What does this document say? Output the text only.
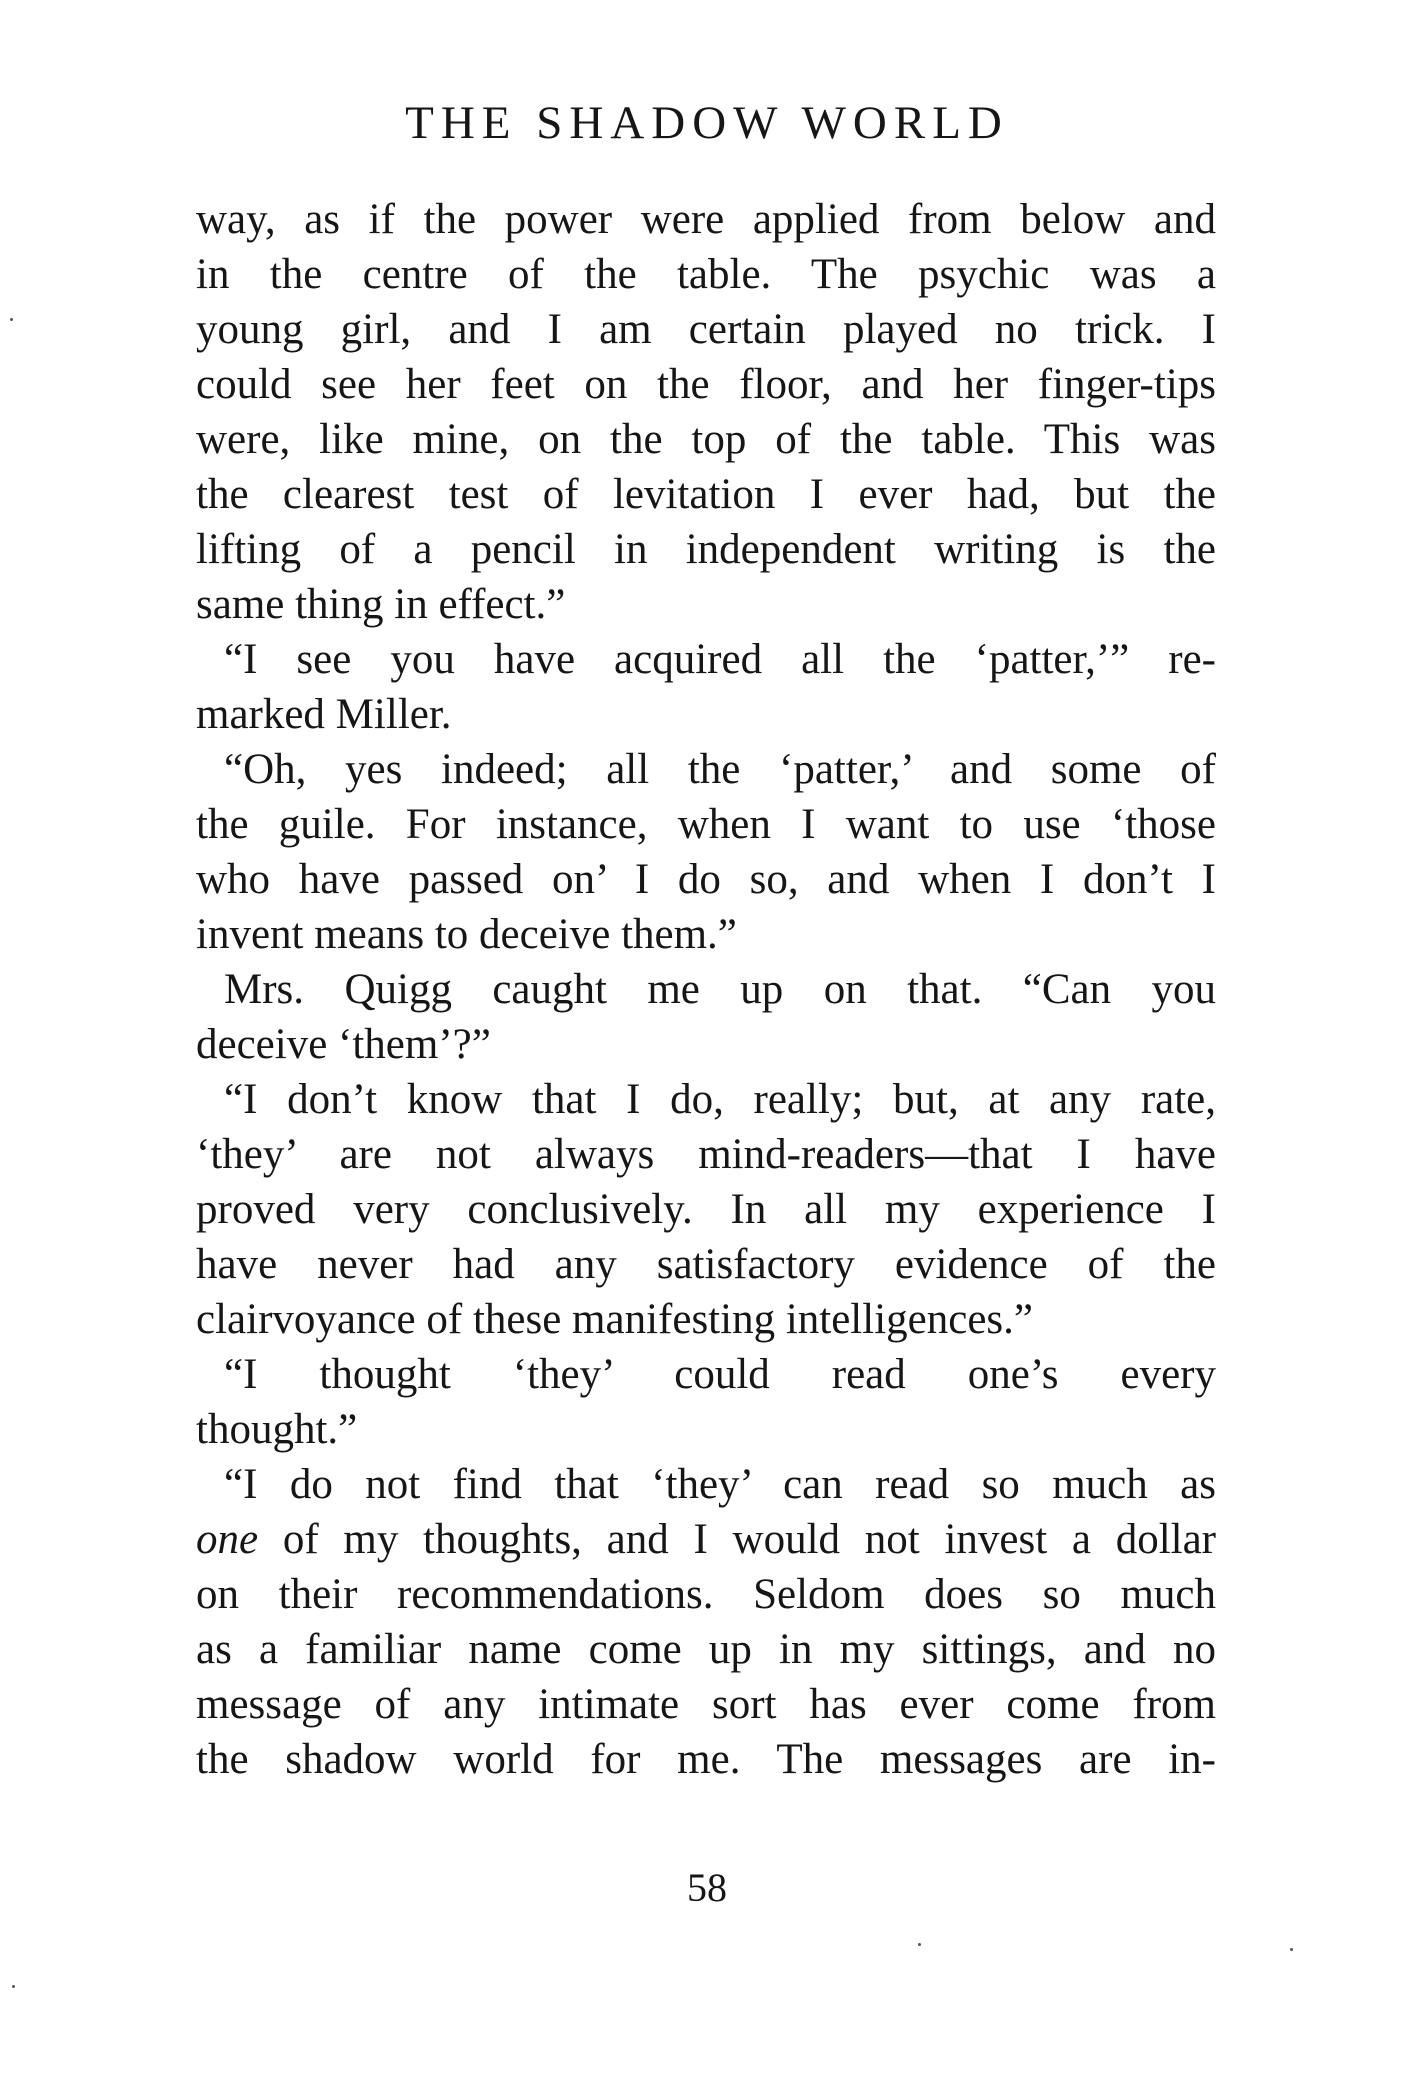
THE SHADOW WORLD
way, as if the power were applied from below and
in the centre of the table. The psychic was a
young girl, and I am certain played no trick. I
could see her feet on the floor, and her finger-tips
were, like mine, on the top of the table. This was
the clearest test of levitation I ever had, but the
lifting of a pencil in independent writing is the
same thing in effect.”
“I see you have acquired all the ‘patter,’” re-
marked Miller.
“Oh, yes indeed; all the ‘patter,’ and some of
the guile. For instance, when I want to use ‘those
who have passed on’ I do so, and when I don’t I
invent means to deceive them.”
Mrs. Quigg caught me up on that. “Can you
deceive ‘them’?”
“I don’t know that I do, really; but, at any rate,
‘they’ are not always mind-readers—that I have
proved very conclusively. In all my experience I
have never had any satisfactory evidence of the
clairvoyance of these manifesting intelligences.”
“I thought ‘they’ could read one’s every
thought.”
“I do not find that ‘they’ can read so much as
one of my thoughts, and I would not invest a dollar
on their recommendations. Seldom does so much
as a familiar name come up in my sittings, and no
message of any intimate sort has ever come from
the shadow world for me. The messages are in-
58
